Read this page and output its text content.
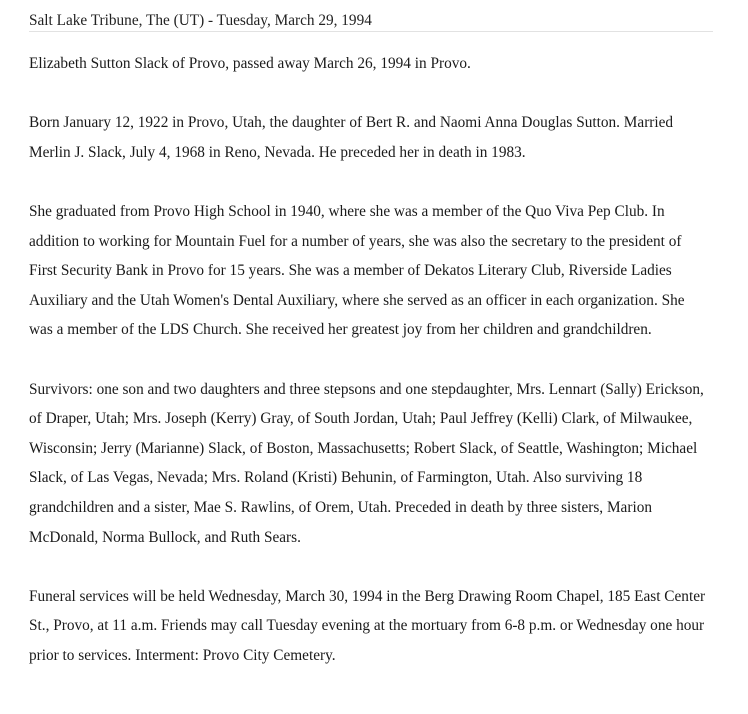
Salt Lake Tribune, The (UT) - Tuesday, March 29, 1994

Elizabeth Sutton Slack of Provo, passed away March 26, 1994 in Provo.

Born January 12, 1922 in Provo, Utah, the daughter of Bert R. and Naomi Anna Douglas Sutton. Married Merlin J. Slack, July 4, 1968 in Reno, Nevada. He preceded her in death in 1983.

She graduated from Provo High School in 1940, where she was a member of the Quo Viva Pep Club. In addition to working for Mountain Fuel for a number of years, she was also the secretary to the president of First Security Bank in Provo for 15 years. She was a member of Dekatos Literary Club, Riverside Ladies Auxiliary and the Utah Women's Dental Auxiliary, where she served as an officer in each organization. She was a member of the LDS Church. She received her greatest joy from her children and grandchildren.

Survivors: one son and two daughters and three stepsons and one stepdaughter, Mrs. Lennart (Sally) Erickson, of Draper, Utah; Mrs. Joseph (Kerry) Gray, of South Jordan, Utah; Paul Jeffrey (Kelli) Clark, of Milwaukee, Wisconsin; Jerry (Marianne) Slack, of Boston, Massachusetts; Robert Slack, of Seattle, Washington; Michael Slack, of Las Vegas, Nevada; Mrs. Roland (Kristi) Behunin, of Farmington, Utah. Also surviving 18 grandchildren and a sister, Mae S. Rawlins, of Orem, Utah. Preceded in death by three sisters, Marion McDonald, Norma Bullock, and Ruth Sears.

Funeral services will be held Wednesday, March 30, 1994 in the Berg Drawing Room Chapel, 185 East Center St., Provo, at 11 a.m. Friends may call Tuesday evening at the mortuary from 6-8 p.m. or Wednesday one hour prior to services. Interment: Provo City Cemetery.
